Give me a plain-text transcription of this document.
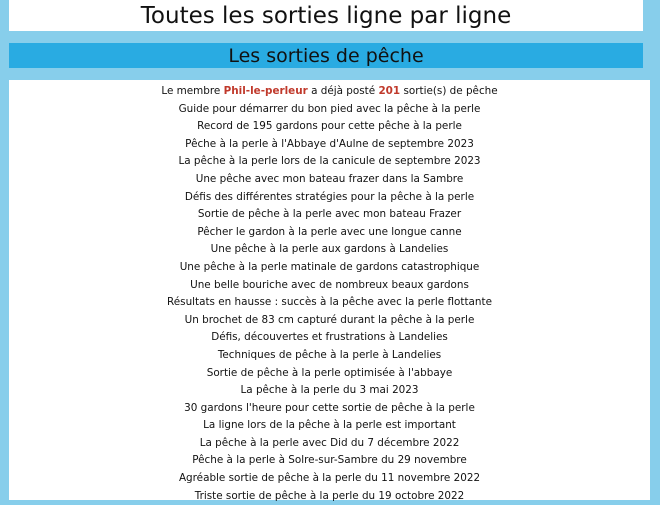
Toutes les sorties ligne par ligne
Les sorties de pêche

Le membre Phil-le-perleur a déjà posté 201 sortie(s) de pêche

Guide pour démarrer du bon pied avec la pêche à la perle
Record de 195 gardons pour cette pêche à la perle
Pêche à la perle à l'Abbaye d'Aulne de septembre 2023
La pêche à la perle lors de la canicule de septembre 2023
Une pêche avec mon bateau frazer dans la Sambre
Défis des différentes stratégies pour la pêche à la perle
Sortie de pêche à la perle avec mon bateau Frazer
Pêcher le gardon à la perle avec une longue canne
Une pêche à la perle aux gardons à Landelies
Une pêche à la perle matinale de gardons catastrophique
Une belle bouriche avec de nombreux beaux gardons
Résultats en hausse : succès à la pêche avec la perle flottante
Un brochet de 83 cm capturé durant la pêche à la perle
Défis, découvertes et frustrations à Landelies
Techniques de pêche à la perle à Landelies
Sortie de pêche à la perle optimisée à l'abbaye
La pêche à la perle du 3 mai 2023
30 gardons l'heure pour cette sortie de pêche à la perle
La ligne lors de la pêche à la perle est important
La pêche à la perle avec Did du 7 décembre 2022
Pêche à la perle à Solre-sur-Sambre du 29 novembre
Agréable sortie de pêche à la perle du 11 novembre 2022
Triste sortie de pêche à la perle du 19 octobre 2022
